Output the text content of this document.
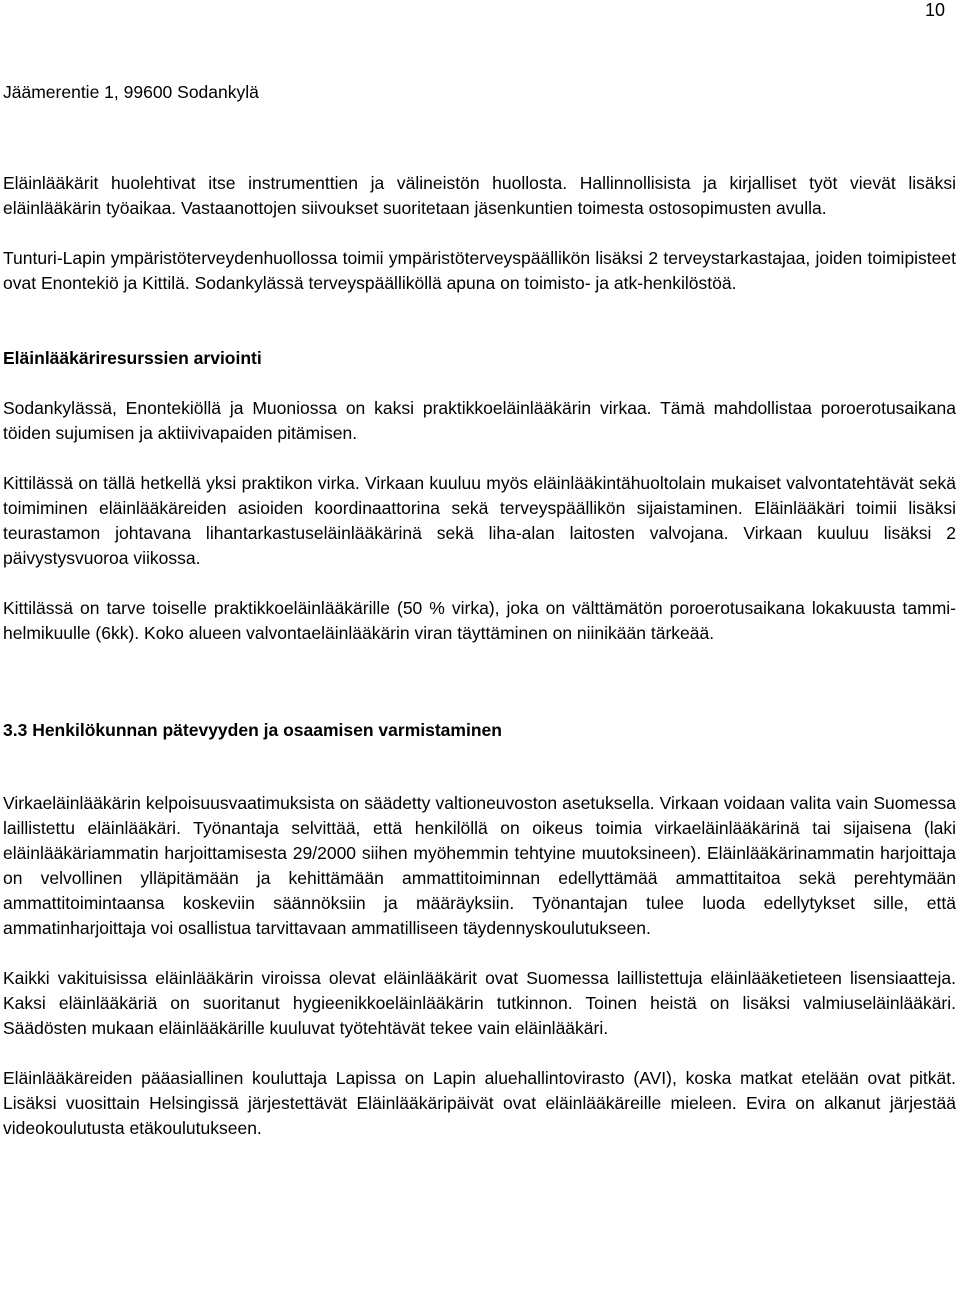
10

Jäämerentie 1, 99600 Sodankylä

Eläinlääkärit huolehtivat itse instrumenttien ja välineistön huollosta. Hallinnollisista ja kirjalliset työt vievät lisäksi eläinlääkärin työaikaa. Vastaanottojen siivoukset suoritetaan jäsenkuntien toimesta ostosopimusten avulla.

Tunturi-Lapin ympäristöterveydenhuollossa toimii ympäristöterveyspäällikön lisäksi 2 terveystarkastajaa, joiden toimipisteet ovat Enontekiö ja Kittilä. Sodankylässä terveyspäälliköllä apuna on toimisto- ja atk-henkilöstöä.

Eläinlääkäriresurssien arviointi

Sodankylässä, Enontekiöllä ja Muoniossa on kaksi praktikkoeläinlääkärin virkaa. Tämä mahdollistaa poroerotusaikana töiden sujumisen ja aktiivivapaiden pitämisen.

Kittilässä on tällä hetkellä yksi praktikon virka. Virkaan kuuluu myös eläinlääkintähuoltolain mukaiset valvontatehtävät sekä toimiminen eläinlääkäreiden asioiden koordinaattorina sekä terveyspäällikön sijaistaminen. Eläinlääkäri toimii lisäksi teurastamon johtavana lihantarkastuseläinlääkärinä sekä liha-alan laitosten valvojana. Virkaan kuuluu lisäksi 2 päivystysvuoroa viikossa.

Kittilässä on tarve toiselle praktikkoeläinlääkärille (50 % virka), joka on välttämätön poroerotusaikana lokakuusta tammi-helmikuulle (6kk). Koko alueen valvontaeläinlääkärin viran täyttäminen on niinikään tärkeää.

3.3 Henkilökunnan pätevyyden ja osaamisen varmistaminen

Virkaeläinlääkärin kelpoisuusvaatimuksista on säädetty valtioneuvoston asetuksella. Virkaan voidaan valita vain Suomessa laillistettu eläinlääkäri. Työnantaja selvittää, että henkilöllä on oikeus toimia virkaeläinlääkärinä tai sijaisena (laki eläinlääkäriammatin harjoittamisesta 29/2000 siihen myöhemmin tehtyine muutoksineen). Eläinlääkärinammatin harjoittaja on velvollinen ylläpitämään ja kehittämään ammattitoiminnan edellyttämää ammattitaitoa sekä perehtymään ammattitoimintaansa koskeviin säännöksiin ja määräyksiin. Työnantajan tulee luoda edellytykset sille, että ammatinharjoittaja voi osallistua tarvittavaan ammatilliseen täydennyskoulutukseen.

Kaikki vakituisissa eläinlääkärin viroissa olevat eläinlääkärit ovat Suomessa laillistettuja eläinlääketieteen lisensiaatteja. Kaksi eläinlääkäriä on suoritanut hygieenikkoeläinlääkärin tutkinnon. Toinen heistä on lisäksi valmiuseläinlääkäri. Säädösten mukaan eläinlääkärille kuuluvat työtehtävät tekee vain eläinlääkäri.

Eläinlääkäreiden pääasiallinen kouluttaja Lapissa on Lapin aluehallintovirasto (AVI), koska matkat etelään ovat pitkät. Lisäksi vuosittain Helsingissä järjestettävät Eläinlääkäripäivät ovat eläinlääkäreille mieleen. Evira on alkanut järjestää videokoulutusta etäkoulutukseen.
